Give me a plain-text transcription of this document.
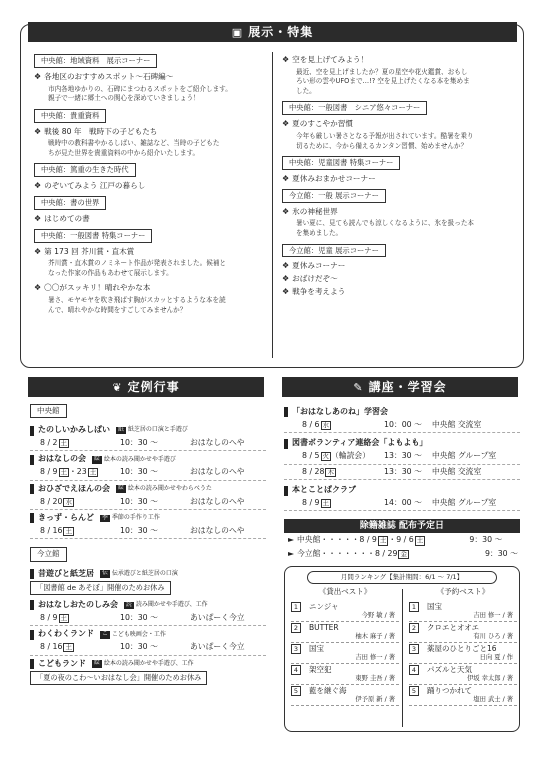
▣ 展示・特集
中央館：地域資料　展示コーナー
❖ 各地区のおすすめスポット〜石碑編〜
市内各地ゆかりの、石碑にまつわるスポットをご紹介します。
親子で一緒に郷土への関心を深めていきましょう！
中央館：貴重資料
❖ 戦後 80 年　戦時下の子どもたち
戦時中の教科書やかるしばい、雑誌など、当時の子どもた
ちが見た世界を貴重資料の中から紹介いたします。
中央館：篤重の生きた時代
❖ のぞいてみよう 江戸の暮らし
中央館：書の世界
❖ はじめての書
中央館：一般図書 特集コーナー
❖ 第 173 回 芥川賞・直木賞
芥川賞・直木賞のノミネート作品が発表されました。候補と
なった作家の作品もあわせて展示します。
❖ 〇〇がスッキリ！晴れやかな本
暑さ、モヤモヤを吹き飛ばす胸がスカッとするような本を読
んで、晴れやかな時間をすごしてみませんか？
❖ 空を見上げてみよう！
最近、空を見上げましたか？夏の星空や花火鑑賞、おもし
ろい形の雲やUFOまで…!? 空を見上げたくなる本を集めま
した。
中央館：一般図書　シニア悠々コーナー
❖ 夏のすこやか習慣
今年も厳しい暑さとなる予報が出されています。酷暑を乗り
切るために、今から備えるカンタン習慣、始めませんか？
中央館：児童図書 特集コーナー
❖ 夏休みおまかせコーナー
今立館：一般 展示コーナー
❖ 氷の神秘世界
暑い夏に、見ても読んでも涼しくなるように、氷を扱った本
を集めました。
今立館：児童 展示コーナー
❖ 夏休みコーナー
❖ おばけだぞ〜
❖ 戦争を考えよう
❦ 定例行事
中央館
たのしいかみしばい	紙 紙芝居の口演と手遊び
8 / 2 土	10：30 〜	おはなしのへや
おはなしの会	絵 絵本の読み聞かせや手遊び
8 / 9 土 ・23 土	10：30 〜	おはなしのへや
おひざでえほんの会	絵 絵本の読み聞かせやわらべうた
8 / 20 水	10：30 〜	おはなしのへや
きっず・らんど	季 季節の手作り工作
8 / 16 土	10：30 〜	おはなしのへや
今立館
昔遊びと紙芝居	伝 伝承遊びと紙芝居の口演
「図書館 de あそぼ」開催のためお休み
おはなしおたのしみ会	読 読み聞かせや手遊び、工作
8 / 9 土	10：30 〜	あいぱーく今立
わくわくランド	こ こども映画会・工作
8 / 16 土	10：30 〜	あいぱーく今立
こどもランド	絵 絵本の読み聞かせや手遊び、工作
「夏の夜のこわ〜いおはなし会」開催のためお休み
✎ 講座・学習会
「おはなしあのね」学習会
8 / 6 水	10：00 〜	中央館 交流室
図書ボランティア連絡会「よもよも」
8 / 5 火 （輪読会）	13：30 〜	中央館 グループ室
8 / 28 木	13：30 〜	中央館 交流室
本とことばクラブ
8 / 9 土	14：00 〜	中央館 グループ室
除籍雑誌 配布予定日
► 中央館 ・・・・・ 8 / 9 土 ・9 / 6 土	9：30 〜
► 今立館 ・・・・・・・ 8 / 29 金	9：30 〜
月間ランキング【集計期間：6/1 〜 7/1】
《貸出ベスト》
1 ニンジャ
今野 敏 / 著
2 BUTTER
柚木 麻子 / 著
3 国宝
吉田 修一 / 著
4 架空犯
東野 圭吾 / 著
5 藍を継ぐ海
伊予原 新 / 著
《予約ベスト》
1 国宝
吉田 修一 / 著
2 クロエとオオエ
有川 ひろ / 著
3 薬屋のひとりごと16
日向 夏 / 作
4 パズルと天気
伊坂 幸太郎 / 著
5 踊りつかれて
塩田 武士 / 著
